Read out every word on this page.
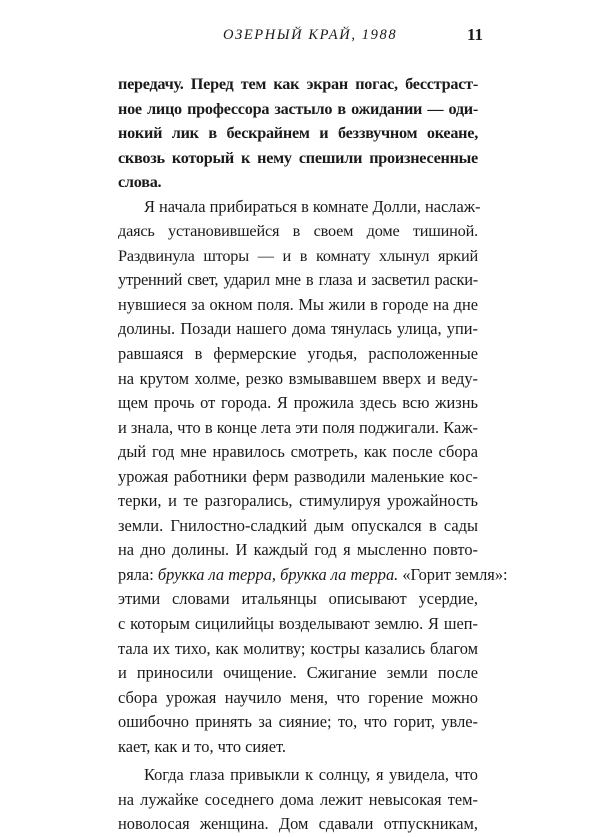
ОЗЕРНЫЙ КРАЙ, 1988	11
передачу. Перед тем как экран погас, бесстраст-
ное лицо профессора застыло в ожидании — оди-
нокий лик в бескрайнем и беззвучном океане,
сквозь который к нему спешили произнесенные
слова.
Я начала прибираться в комнате Долли, наслаж-
даясь установившейся в своем доме тишиной.
Раздвинула шторы — и в комнату хлынул яркий
утренний свет, ударил мне в глаза и засветил раски-
нувшиеся за окном поля. Мы жили в городе на дне
долины. Позади нашего дома тянулась улица, упи-
равшаяся в фермерские угодья, расположенные
на крутом холме, резко взмывавшем вверх и веду-
щем прочь от города. Я прожила здесь всю жизнь
и знала, что в конце лета эти поля поджигали. Каж-
дый год мне нравилось смотреть, как после сбора
урожая работники ферм разводили маленькие кос-
терки, и те разгорались, стимулируя урожайность
земли. Гнилостно-сладкий дым опускался в сады
на дно долины. И каждый год я мысленно повто-
ряла: брукка ла терра, брукка ла терра. «Горит земля»:
этими словами итальянцы описывают усердие,
с которым сицилийцы возделывают землю. Я шеп-
тала их тихо, как молитву; костры казались благом
и приносили очищение. Сжигание земли после
сбора урожая научило меня, что горение можно
ошибочно принять за сияние; то, что горит, увле-
кает, как и то, что сияет.
Когда глаза привыкли к солнцу, я увидела, что
на лужайке соседнего дома лежит невысокая тем-
новолосая женщина. Дом сдавали отпускникам,
